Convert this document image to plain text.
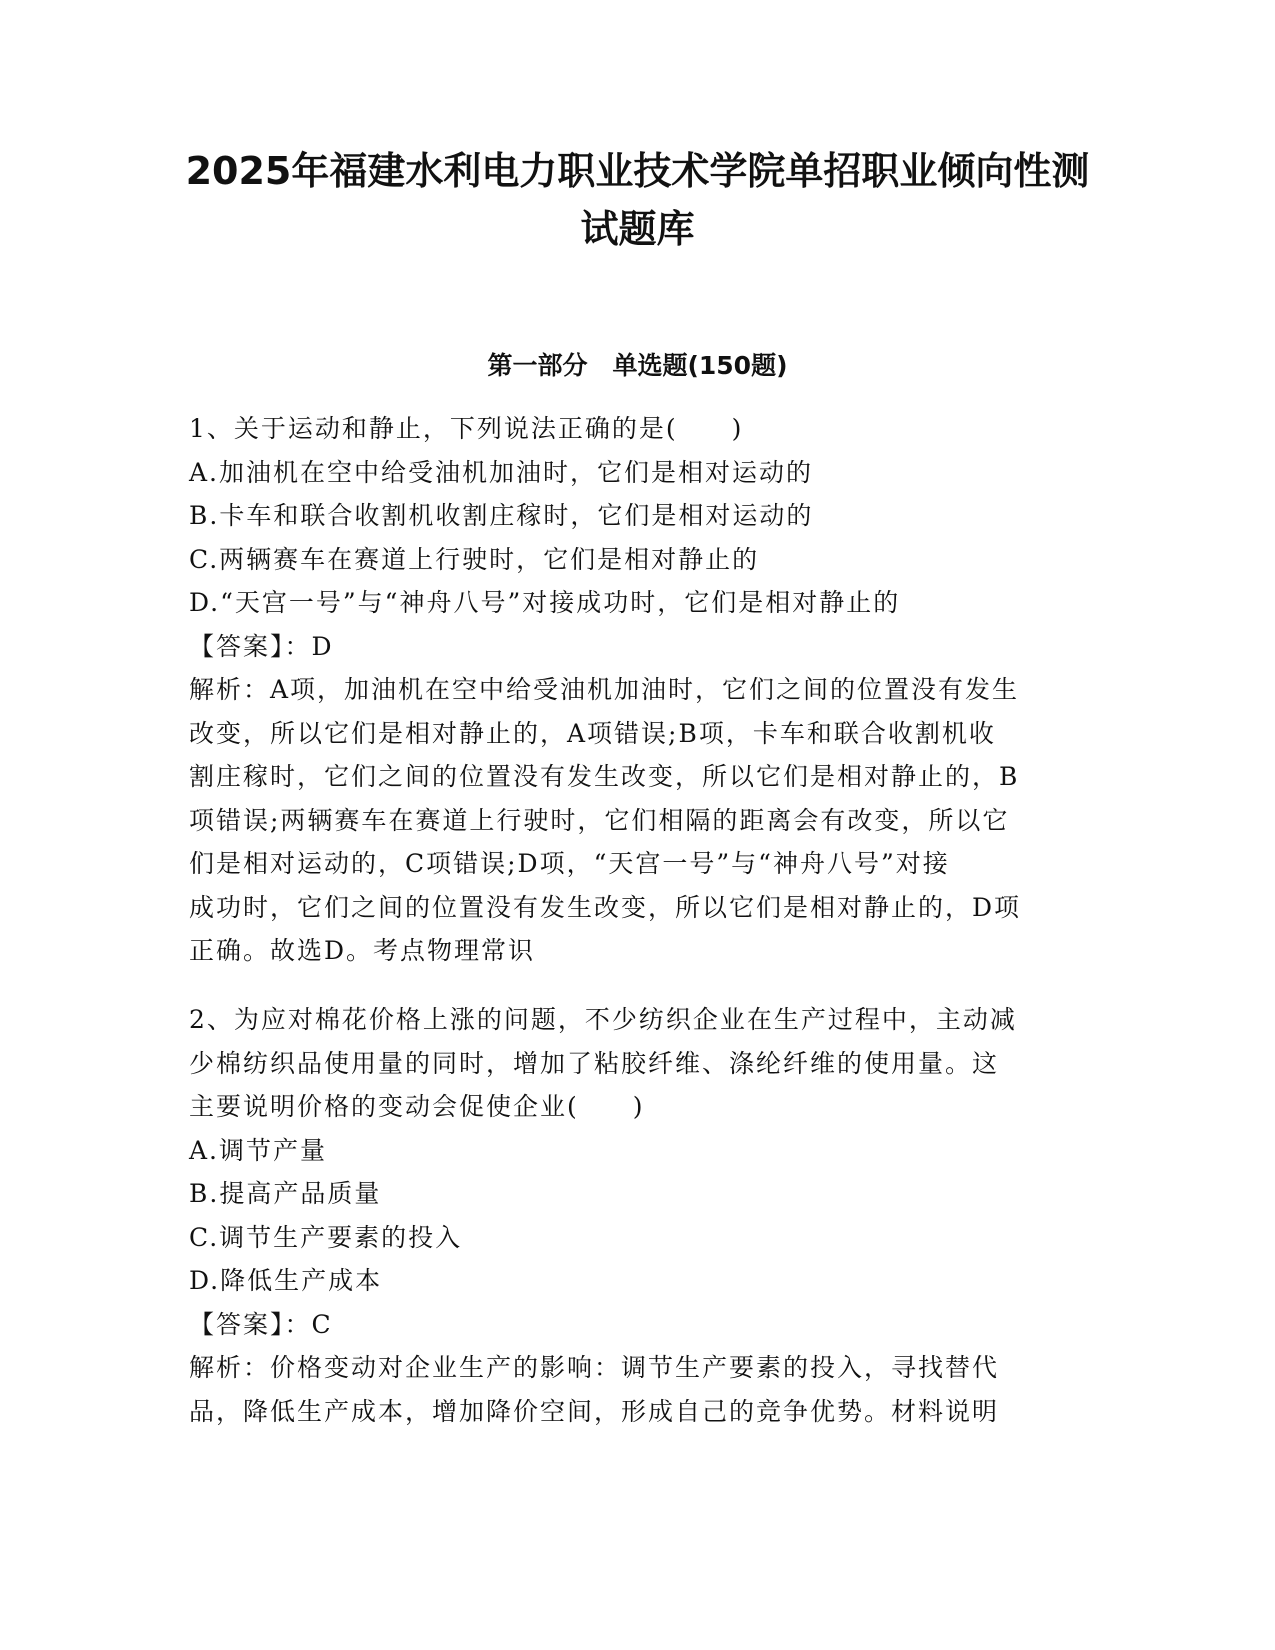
2025年福建水利电力职业技术学院单招职业倾向性测
试题库
第一部分　单选题(150题)

1、关于运动和静止，下列说法正确的是(　　)

A.加油机在空中给受油机加油时，它们是相对运动的

B.卡车和联合收割机收割庄稼时，它们是相对运动的

C.两辆赛车在赛道上行驶时，它们是相对静止的

D.“天宫一号”与“神舟八号”对接成功时，它们是相对静止的

【答案】：D

解析：A项，加油机在空中给受油机加油时，它们之间的位置没有发生

改变，所以它们是相对静止的，A项错误;B项，卡车和联合收割机收

割庄稼时，它们之间的位置没有发生改变，所以它们是相对静止的，B

项错误;两辆赛车在赛道上行驶时，它们相隔的距离会有改变，所以它

们是相对运动的，C项错误;D项，“天宫一号”与“神舟八号”对接

成功时，它们之间的位置没有发生改变，所以它们是相对静止的，D项

正确。故选D。考点物理常识

2、为应对棉花价格上涨的问题，不少纺织企业在生产过程中，主动减

少棉纺织品使用量的同时，增加了粘胶纤维、涤纶纤维的使用量。这

主要说明价格的变动会促使企业(　　)

A.调节产量

B.提高产品质量

C.调节生产要素的投入

D.降低生产成本

【答案】：C

解析：价格变动对企业生产的影响：调节生产要素的投入，寻找替代

品，降低生产成本，增加降价空间，形成自己的竞争优势。材料说明
